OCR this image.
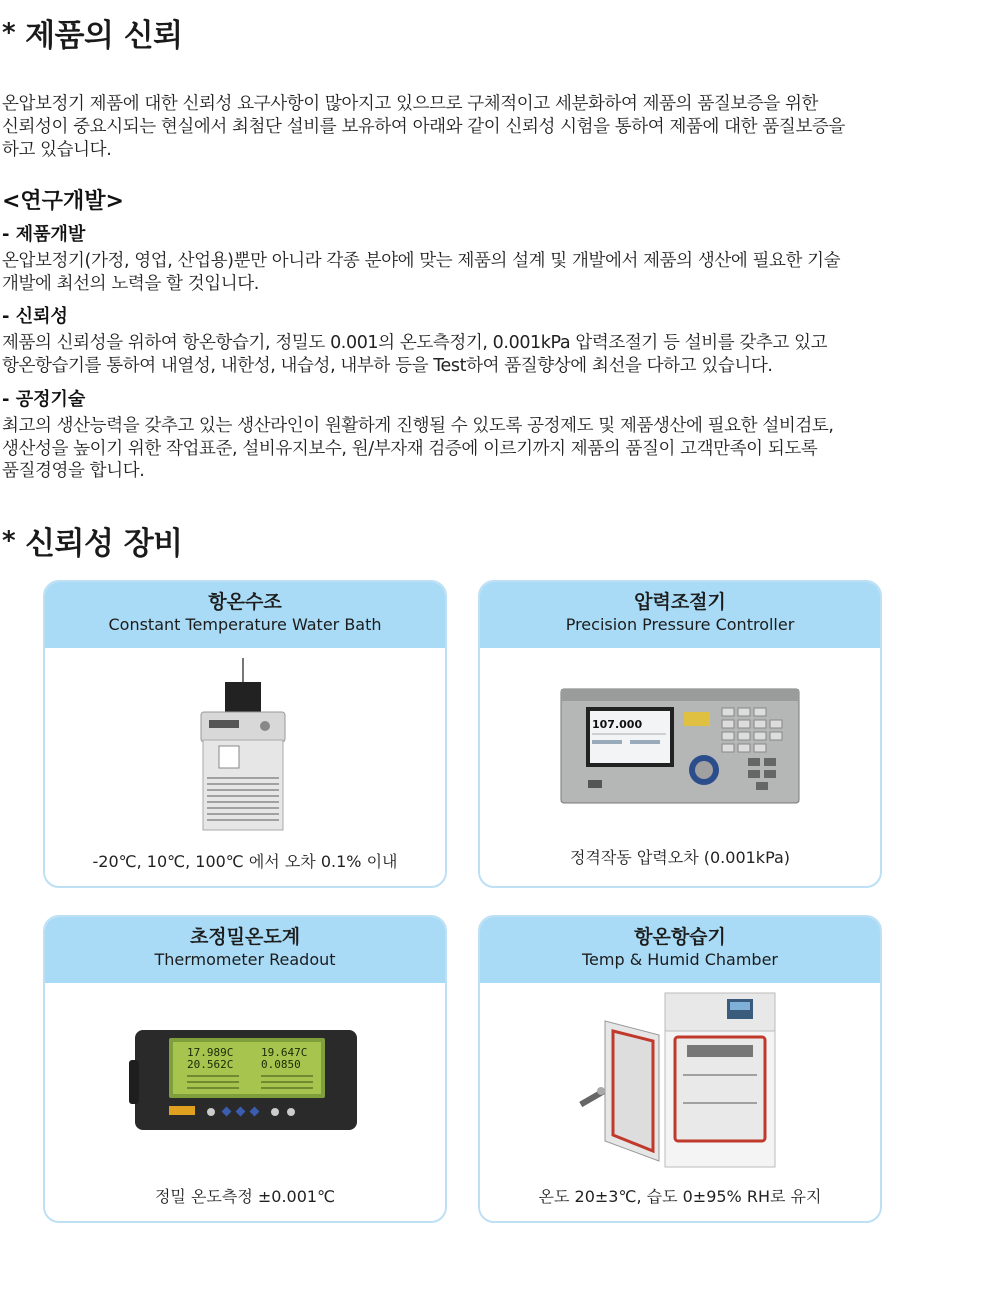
* 제품의 신뢰
온압보정기 제품에 대한 신뢰성 요구사항이 많아지고 있으므로 구체적이고 세분화하여 제품의 품질보증을 위한
신뢰성이 중요시되는 현실에서 최첨단 설비를 보유하여 아래와 같이 신뢰성 시험을 통하여 제품에 대한 품질보증을
하고 있습니다.
<연구개발>
- 제품개발
온압보정기(가정, 영업, 산업용)뿐만 아니라 각종 분야에 맞는 제품의 설계 및 개발에서 제품의 생산에 필요한 기술
개발에 최선의 노력을 할 것입니다.
- 신뢰성
제품의 신뢰성을 위하여 항온항습기, 정밀도 0.001의 온도측정기, 0.001kPa 압력조절기 등 설비를 갖추고 있고
항온항습기를 통하여 내열성, 내한성, 내습성, 내부하 등을 Test하여 품질향상에 최선을 다하고 있습니다.
- 공정기술
최고의 생산능력을 갖추고 있는 생산라인이 원활하게 진행될 수 있도록 공정제도 및 제품생산에 필요한 설비검토,
생산성을 높이기 위한 작업표준, 설비유지보수, 원/부자재 검증에 이르기까지 제품의 품질이 고객만족이 되도록
품질경영을 합니다.
* 신뢰성 장비
항온수조
Constant Temperature Water Bath
-20℃, 10℃, 100℃ 에서 오차 0.1% 이내
압력조절기
Precision Pressure Controller
107.000
정격작동 압력오차 (0.001kPa)
초정밀온도계
Thermometer Readout
17.989C	19.647C
20.562C	0.0850
정밀 온도측정 ±0.001℃
항온항습기
Temp & Humid Chamber
온도 20±3℃, 습도 0±95% RH로 유지
